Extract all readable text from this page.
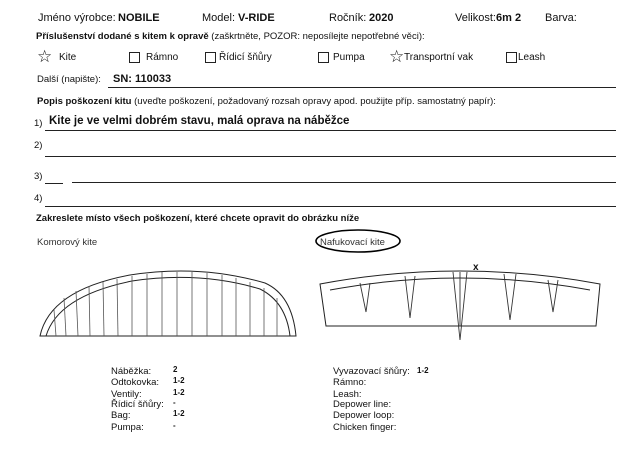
Jméno výrobce: NOBILE	Model: V-RIDE	Ročník: 2020	Velikost: 6m 2 Barva:
Příslušenství dodané s kitem k opravě (zaškrtněte, POZOR: neposílejte nepotřebné věci):
☆ Kite	Rámno	Řídicí šňůry	Pumpa ☆ Transportní vak	Leash
Další (napište): SN: 110033
Popis poškození kitu (uveďte poškození, požadovaný rozsah opravy apod. použijte příp. samostatný papír):
1) Kite je ve velmi dobrém stavu, malá oprava na náběžce
2)
3)
4)
Zakreslete místo všech poškození, které chcete opravit do obrázku níže
Komorový kite	Nafukovací kite
x
Náběžka:	2
Odtokovka: 1-2
Ventily:	1-2
Řídicí šňůry: -
Bag:	1-2
Pumpa:	-
Vyvazovací šňůry: 1-2
Rámno:
Leash:
Depower line:
Depower loop:
Chicken finger:
